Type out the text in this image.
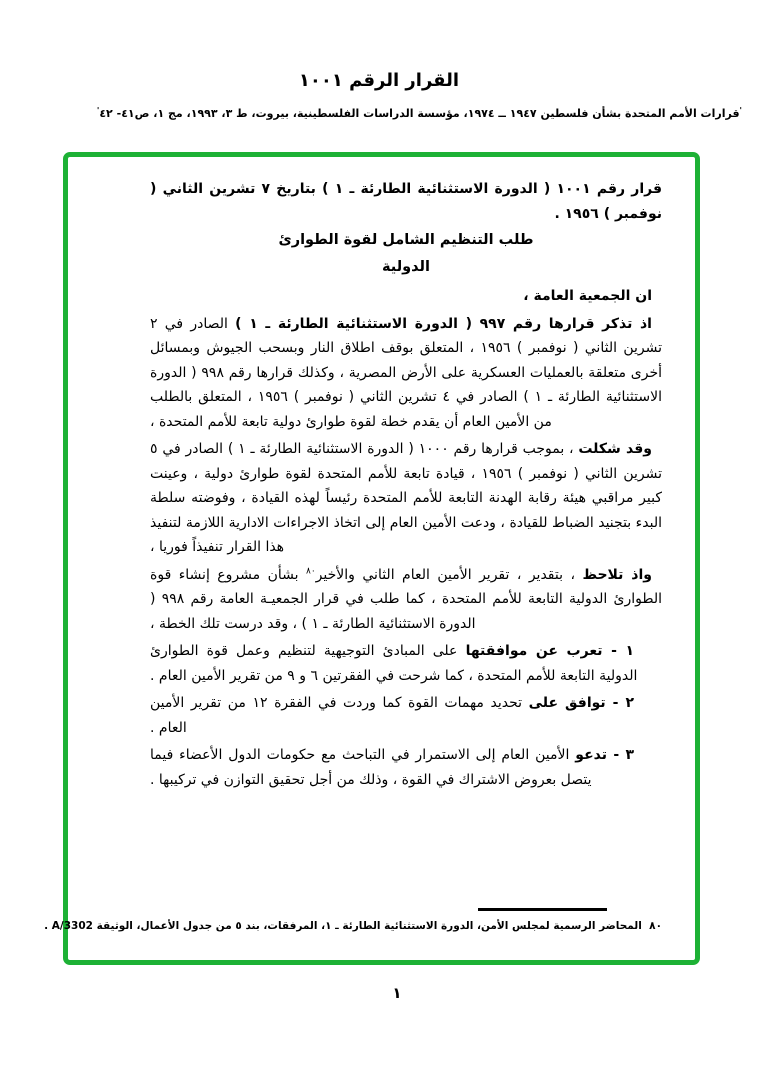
القرار الرقم ١٠٠١
'قرارات الأمم المتحدة بشأن فلسطين ١٩٤٧ ــ ١٩٧٤، مؤسسة الدراسات الفلسطينية، بيروت، ط ٣، ١٩٩٣، مج ١، ص٤١- ٤٢'

قرار رقم ١٠٠١ ( الدورة الاستثنائية الطارئة ـ ١ ) بتاريخ ٧ تشرين الثاني ( نوفمبر ) ١٩٥٦ .

طلب التنظيم الشامل لقوة الطوارئ

الدولية

ان الجمعية العامة ،

اذ تذكر قرارها رقم ٩٩٧ ( الدورة الاستثنائية الطارئة ـ ١ ) الصادر في ٢ تشرين الثاني ( نوفمبر ) ١٩٥٦ ، المتعلق بوقف اطلاق النار وبسحب الجيوش وبمسائل أخرى متعلقة بالعمليات العسكرية على الأرض المصرية ، وكذلك قرارها رقم ٩٩٨ ( الدورة الاستثنائية الطارئة ـ ١ ) الصادر في ٤ تشرين الثاني ( نوفمبر ) ١٩٥٦ ، المتعلق بالطلب من الأمين العام أن يقدم خطة لقوة طوارئ دولية تابعة للأمم المتحدة ،

وقد شكلت ، بموجب قرارها رقم ١٠٠٠ ( الدورة الاستثنائية الطارئة ـ ١ ) الصادر في ٥ تشرين الثاني ( نوفمبر ) ١٩٥٦ ، قيادة تابعة للأمم المتحدة لقوة طوارئ دولية ، وعينت كبير مراقبي هيئة رقابة الهدنة التابعة للأمم المتحدة رئيساً لهذه القيادة ، وفوضته سلطة البدء بتجنيد الضباط للقيادة ، ودعت الأمين العام إلى اتخاذ الاجراءات الادارية اللازمة لتنفيذ هذا القرار تنفيذاً فوريا ،

واذ تلاحظ ، بتقدير ، تقرير الأمين العام الثاني والأخير$^{٨٠}$ بشأن مشروع إنشاء قوة الطوارئ الدولية التابعة للأمم المتحدة ، كما طلب في قرار الجمعيـة العامة رقم ٩٩٨ ( الدورة الاستثنائية الطارئة ـ ١ ) ، وقد درست تلك الخطة ،

١ - تعرب عن موافقتها على المبادئ التوجيهية لتنظيم وعمل قوة الطوارئ الدولية التابعة للأمم المتحدة ، كما شرحت في الفقرتين ٦ و ٩ من تقرير الأمين العام .

٢ - توافق على تحديد مهمات القوة كما وردت في الفقرة ١٢ من تقرير الأمين العام .

٣ - تدعو الأمين العام إلى الاستمرار في التباحث مع حكومات الدول الأعضاء فيما يتصل بعروض الاشتراك في القوة ، وذلك من أجل تحقيق التوازن في تركيبها .

٨٠  المحاضر الرسمية لمجلس الأمن، الدورة الاستثنائية الطارئة ـ ١، المرفقات، بند ٥ من جدول الأعمال، الوثيقة A/3302 .
١
